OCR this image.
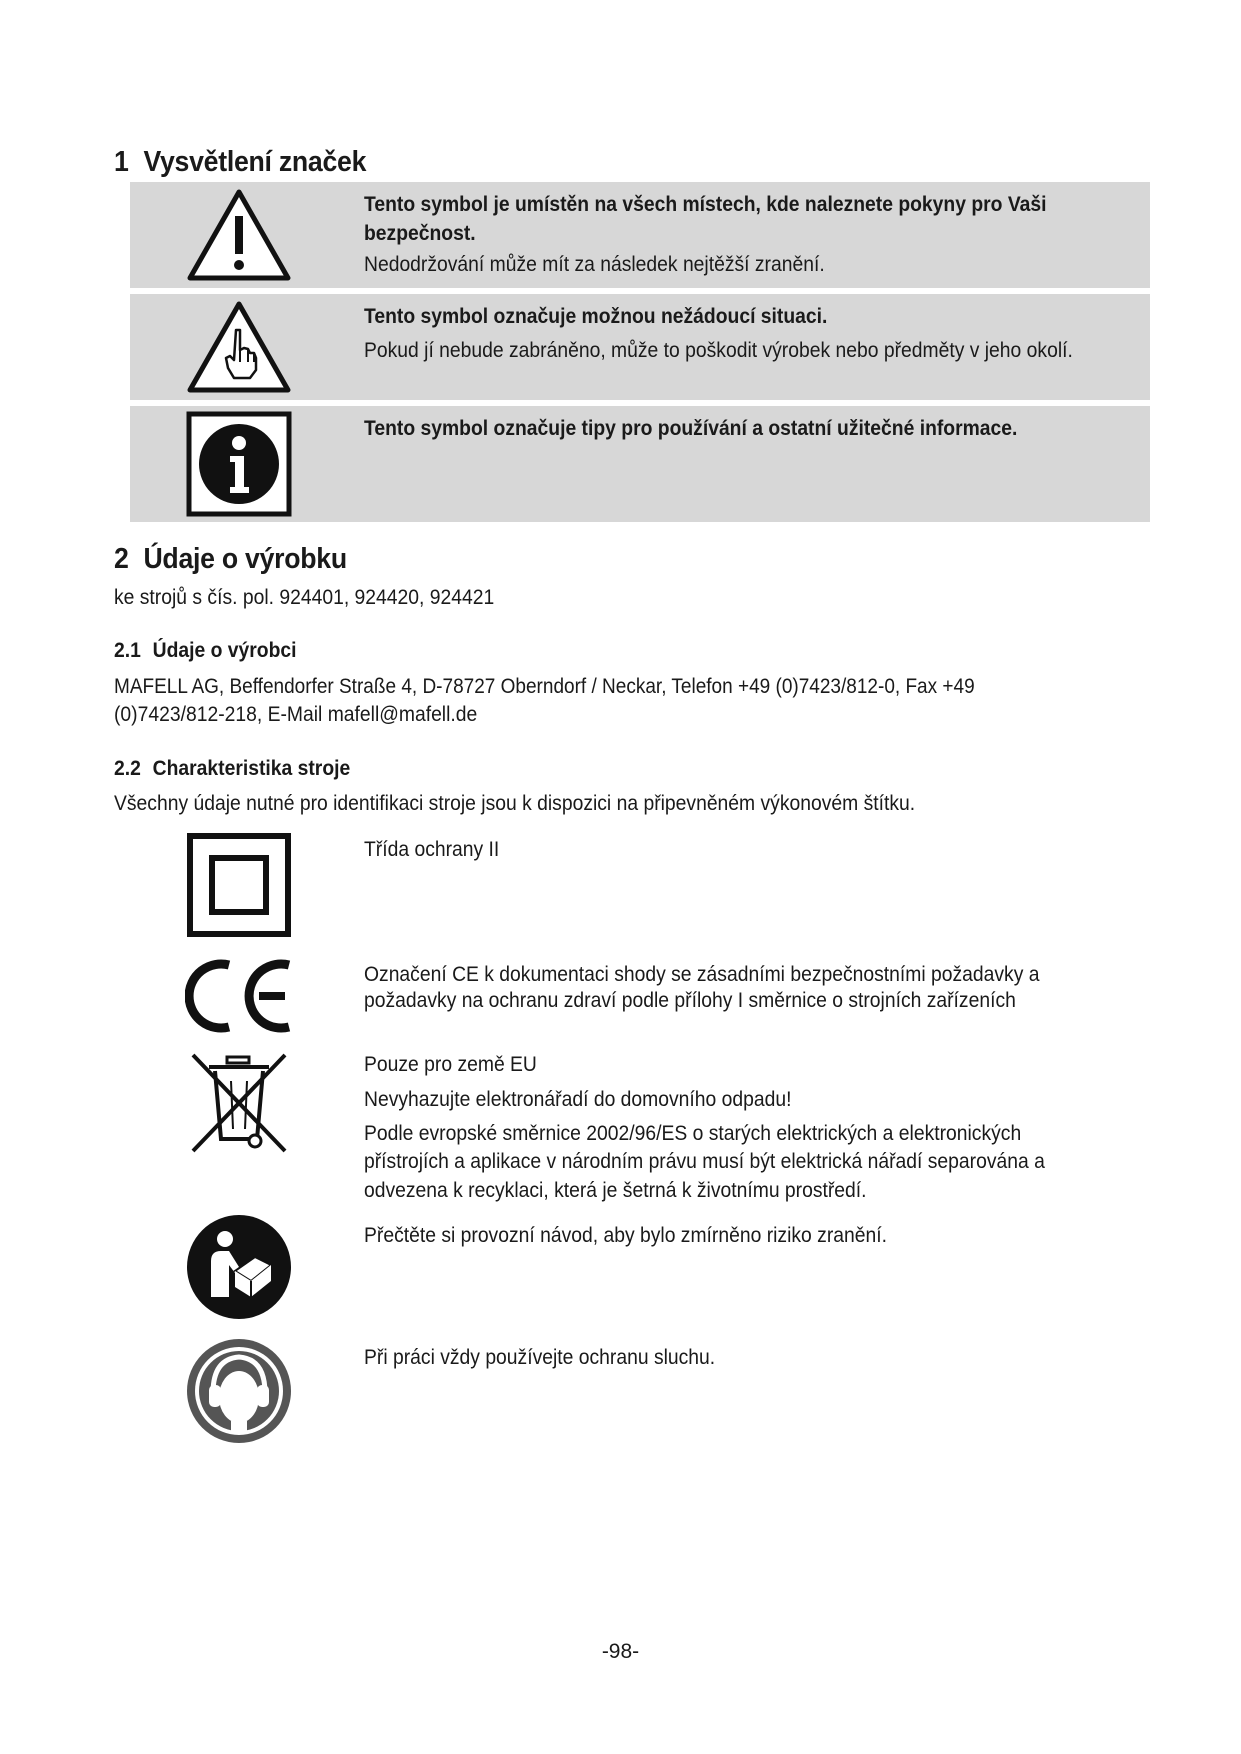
1 Vysvětlení značek
Tento symbol je umístěn na všech místech, kde naleznete pokyny pro Vaši
bezpečnost.
Nedodržování může mít za následek nejtěžší zranění.
Tento symbol označuje možnou nežádoucí situaci.
Pokud jí nebude zabráněno, může to poškodit výrobek nebo předměty v jeho okolí.
Tento symbol označuje tipy pro používání a ostatní užitečné informace.
2 Údaje o výrobku
ke strojů s čís. pol. 924401, 924420, 924421
2.1 Údaje o výrobci
MAFELL AG, Beffendorfer Straße 4, D-78727 Oberndorf / Neckar, Telefon +49 (0)7423/812-0, Fax +49
(0)7423/812-218, E-Mail mafell@mafell.de
2.2 Charakteristika stroje
Všechny údaje nutné pro identifikaci stroje jsou k dispozici na připevněném výkonovém štítku.
Třída ochrany II
Označení CE k dokumentaci shody se zásadními bezpečnostními požadavky a
požadavky na ochranu zdraví podle přílohy I směrnice o strojních zařízeních
Pouze pro země EU
Nevyhazujte elektronářadí do domovního odpadu!
Podle evropské směrnice 2002/96/ES o starých elektrických a elektronických
přístrojích a aplikace v národním právu musí být elektrická nářadí separována a
odvezena k recyklaci, která je šetrná k životnímu prostředí.
Přečtěte si provozní návod, aby bylo zmírněno riziko zranění.
Při práci vždy používejte ochranu sluchu.
-98-
